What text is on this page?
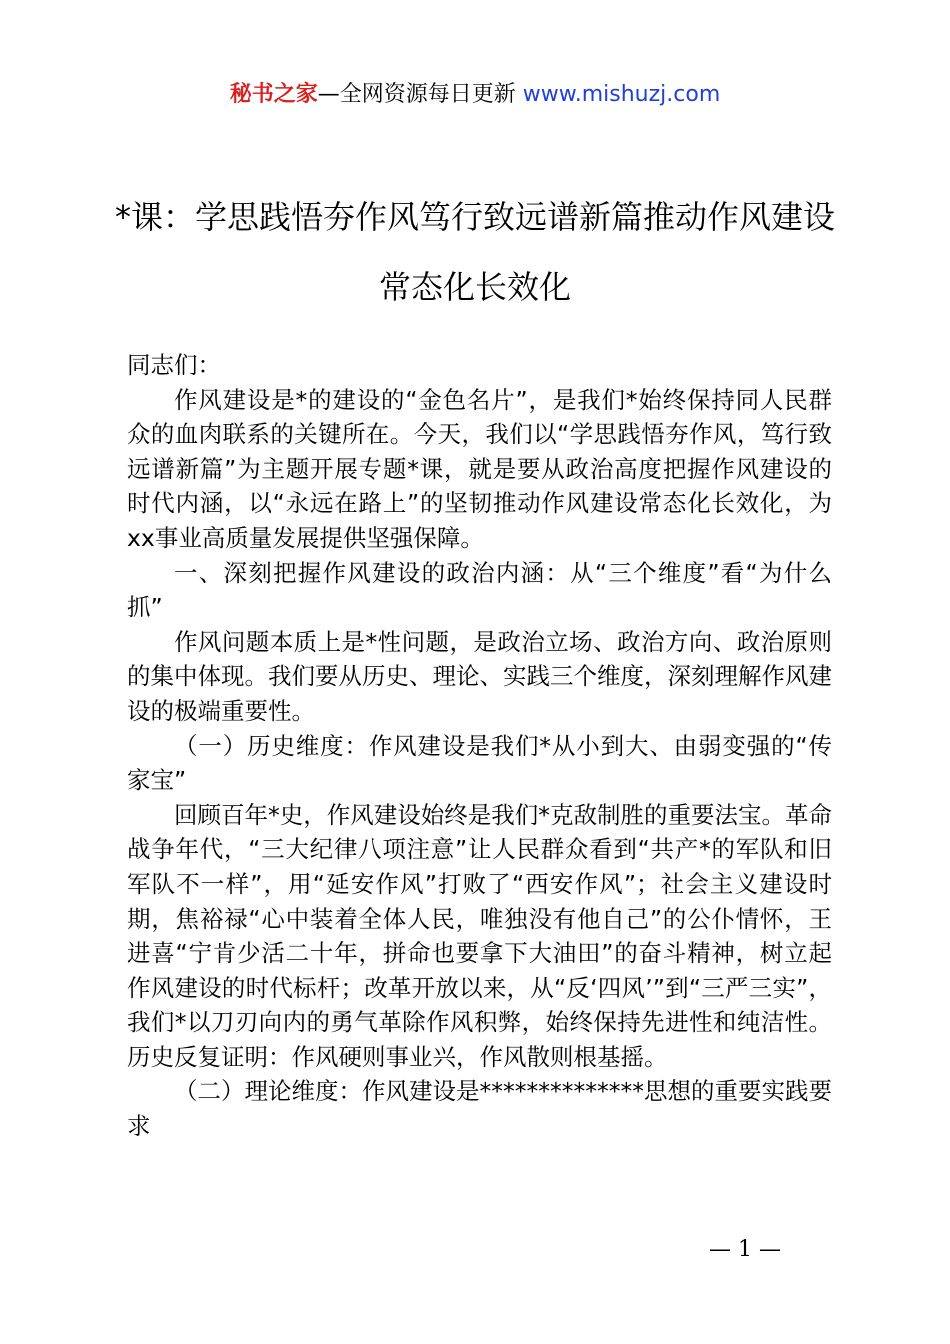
秘书之家—全网资源每日更新 www.mishuzj.com
*课：学思践悟夯作风笃行致远谱新篇推动作风建设常态化长效化

同志们：

作风建设是*的建设的“金色名片”，是我们*始终保持同人民群众的血肉联系的关键所在。今天，我们以“学思践悟夯作风，笃行致远谱新篇”为主题开展专题*课，就是要从政治高度把握作风建设的时代内涵，以“永远在路上”的坚韧推动作风建设常态化长效化，为xx事业高质量发展提供坚强保障。

一、深刻把握作风建设的政治内涵：从“三个维度”看“为什么抓”

作风问题本质上是*性问题，是政治立场、政治方向、政治原则的集中体现。我们要从历史、理论、实践三个维度，深刻理解作风建设的极端重要性。

（一）历史维度：作风建设是我们*从小到大、由弱变强的“传家宝”

回顾百年*史，作风建设始终是我们*克敌制胜的重要法宝。革命战争年代，“三大纪律八项注意”让人民群众看到“共产*的军队和旧军队不一样”，用“延安作风”打败了“西安作风”；社会主义建设时期，焦裕禄“心中装着全体人民，唯独没有他自己”的公仆情怀，王进喜“宁肯少活二十年，拼命也要拿下大油田”的奋斗精神，树立起作风建设的时代标杆；改革开放以来，从“反‘四风’”到“三严三实”，我们*以刀刃向内的勇气革除作风积弊，始终保持先进性和纯洁性。历史反复证明：作风硬则事业兴，作风散则根基摇。

（二）理论维度：作风建设是**************思想的重要实践要求

— 1 —
